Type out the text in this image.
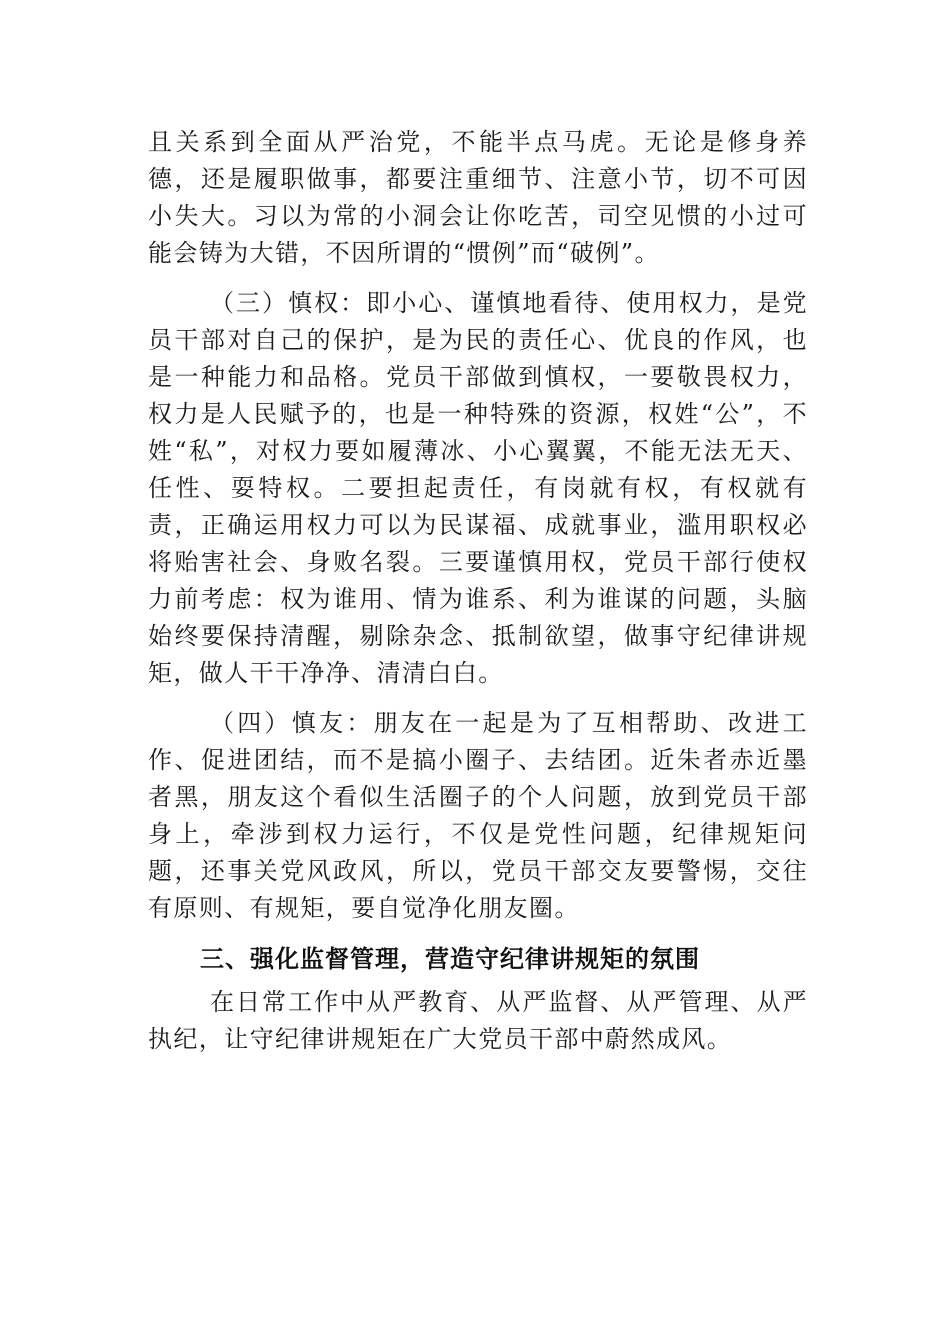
且关系到全面从严治党，不能半点马虎。无论是修身养德，还是履职做事，都要注重细节、注意小节，切不可因小失大。习以为常的小洞会让你吃苦，司空见惯的小过可能会铸为大错，不因所谓的“惯例”而“破例”。

（三）慎权：即小心、谨慎地看待、使用权力，是党员干部对自己的保护，是为民的责任心、优良的作风，也是一种能力和品格。党员干部做到慎权，一要敬畏权力，权力是人民赋予的，也是一种特殊的资源，权姓“公”，不姓“私”，对权力要如履薄冰、小心翼翼，不能无法无天、任性、耍特权。二要担起责任，有岗就有权，有权就有责，正确运用权力可以为民谋福、成就事业，滥用职权必将贻害社会、身败名裂。三要谨慎用权，党员干部行使权力前考虑：权为谁用、情为谁系、利为谁谋的问题，头脑始终要保持清醒，剔除杂念、抵制欲望，做事守纪律讲规矩，做人干干净净、清清白白。

（四）慎友：朋友在一起是为了互相帮助、改进工作、促进团结，而不是搞小圈子、去结团。近朱者赤近墨者黑，朋友这个看似生活圈子的个人问题，放到党员干部身上，牵涉到权力运行，不仅是党性问题，纪律规矩问题，还事关党风政风，所以，党员干部交友要警惕，交往有原则、有规矩，要自觉净化朋友圈。

三、强化监督管理，营造守纪律讲规矩的氛围

在日常工作中从严教育、从严监督、从严管理、从严执纪，让守纪律讲规矩在广大党员干部中蔚然成风。
